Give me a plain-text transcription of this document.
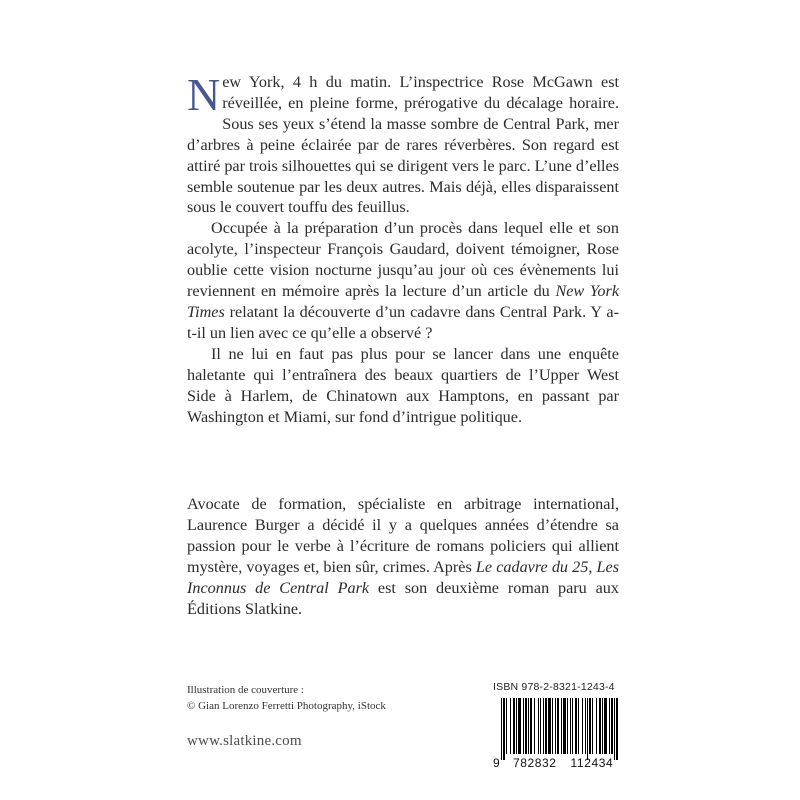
New York, 4 h du matin. L’inspectrice Rose McGawn est réveillée, en pleine forme, prérogative du décalage horaire. Sous ses yeux s’étend la masse sombre de Central Park, mer d’arbres à peine éclairée par de rares réverbères. Son regard est attiré par trois silhouettes qui se dirigent vers le parc. L’une d’elles semble soutenue par les deux autres. Mais déjà, elles disparaissent sous le couvert touffu des feuillus.

Occupée à la préparation d’un procès dans lequel elle et son acolyte, l’inspecteur François Gaudard, doivent témoigner, Rose oublie cette vision nocturne jusqu’au jour où ces évènements lui reviennent en mémoire après la lecture d’un article du New York Times relatant la découverte d’un cadavre dans Central Park. Y a-t-il un lien avec ce qu’elle a observé ?

Il ne lui en faut pas plus pour se lancer dans une enquête haletante qui l’entraînera des beaux quartiers de l’Upper West Side à Harlem, de Chinatown aux Hamptons, en passant par Washington et Miami, sur fond d’intrigue politique.

Avocate de formation, spécialiste en arbitrage international, Laurence Burger a décidé il y a quelques années d’étendre sa passion pour le verbe à l’écriture de romans policiers qui allient mystère, voyages et, bien sûr, crimes. Après Le cadavre du 25, Les Inconnus de Central Park est son deuxième roman paru aux Éditions Slatkine.
Illustration de couverture :
© Gian Lorenzo Ferretti Photography, iStock
www.slatkine.com
ISBN 978-2-8321-1243-4
9 782832 112434
